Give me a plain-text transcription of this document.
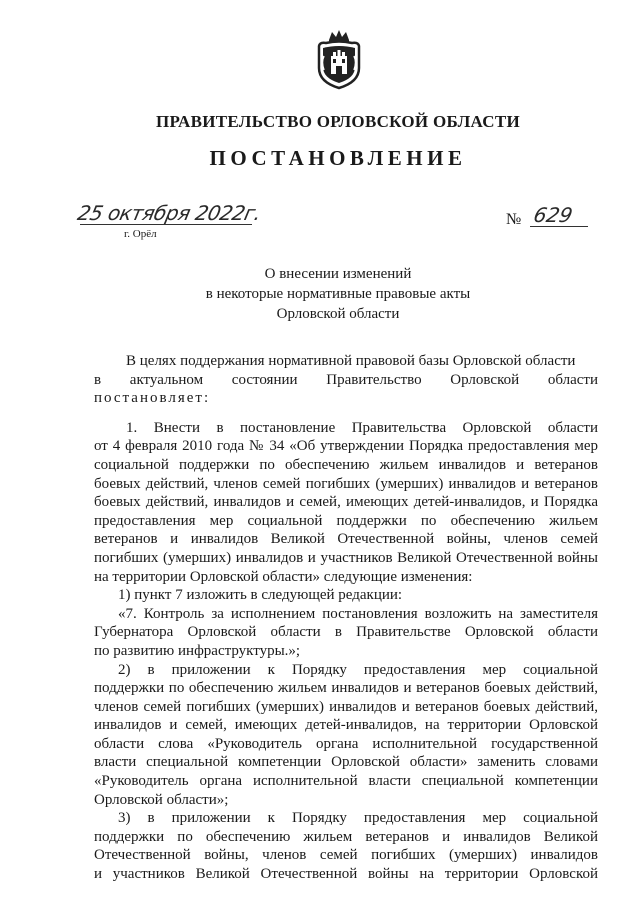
ПРАВИТЕЛЬСТВО ОРЛОВСКОЙ ОБЛАСТИ
ПОСТАНОВЛЕНИЕ
25 октября 2022г.
г. Орёл
№ 629
О внесении изменений
в некоторые нормативные правовые акты
Орловской области
В целях поддержания нормативной правовой базы Орловской области
в актуальном состоянии Правительство Орловской области
постановляет:
1. Внести в постановление Правительства Орловской области
от 4 февраля 2010 года № 34 «Об утверждении Порядка предоставления мер
социальной поддержки по обеспечению жильем инвалидов и ветеранов
боевых действий, членов семей погибших (умерших) инвалидов и ветеранов
боевых действий, инвалидов и семей, имеющих детей-инвалидов, и Порядка
предоставления мер социальной поддержки по обеспечению жильем
ветеранов и инвалидов Великой Отечественной войны, членов семей
погибших (умерших) инвалидов и участников Великой Отечественной войны
на территории Орловской области» следующие изменения:
1) пункт 7 изложить в следующей редакции:
«7. Контроль за исполнением постановления возложить на заместителя
Губернатора Орловской области в Правительстве Орловской области
по развитию инфраструктуры.»;
2) в приложении к Порядку предоставления мер социальной
поддержки по обеспечению жильем инвалидов и ветеранов боевых действий,
членов семей погибших (умерших) инвалидов и ветеранов боевых действий,
инвалидов и семей, имеющих детей-инвалидов, на территории Орловской
области слова «Руководитель органа исполнительной государственной
власти специальной компетенции Орловской области» заменить словами
«Руководитель органа исполнительной власти специальной компетенции
Орловской области»;
3) в приложении к Порядку предоставления мер социальной
поддержки по обеспечению жильем ветеранов и инвалидов Великой
Отечественной войны, членов семей погибших (умерших) инвалидов
и участников Великой Отечественной войны на территории Орловской
